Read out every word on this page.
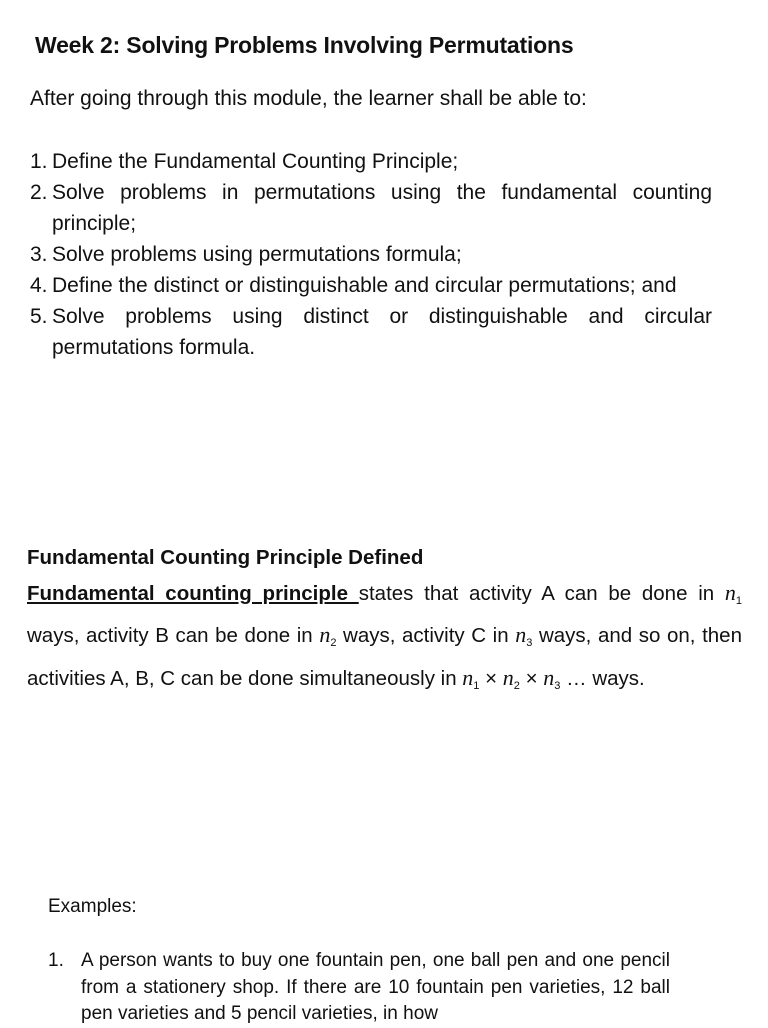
Week 2: Solving Problems Involving Permutations
After going through this module, the learner shall be able to:
1. Define the Fundamental Counting Principle;
2. Solve problems in permutations using the fundamental counting principle;
3. Solve problems using permutations formula;
4. Define the distinct or distinguishable and circular permutations; and
5. Solve problems using distinct or distinguishable and circular permutations formula.
Fundamental Counting Principle Defined

Fundamental counting principle states that activity A can be done in $n_1$ ways, activity B can be done in $n_2$ ways, activity C in $n_3$ ways, and so on, then activities A, B, C can be done simultaneously in $n_1 \times n_2 \times n_3$ … ways.

Examples:
1. A person wants to buy one fountain pen, one ball pen and one pencil from a stationery shop. If there are 10 fountain pen varieties, 12 ball pen varieties and 5 pencil varieties, in how
